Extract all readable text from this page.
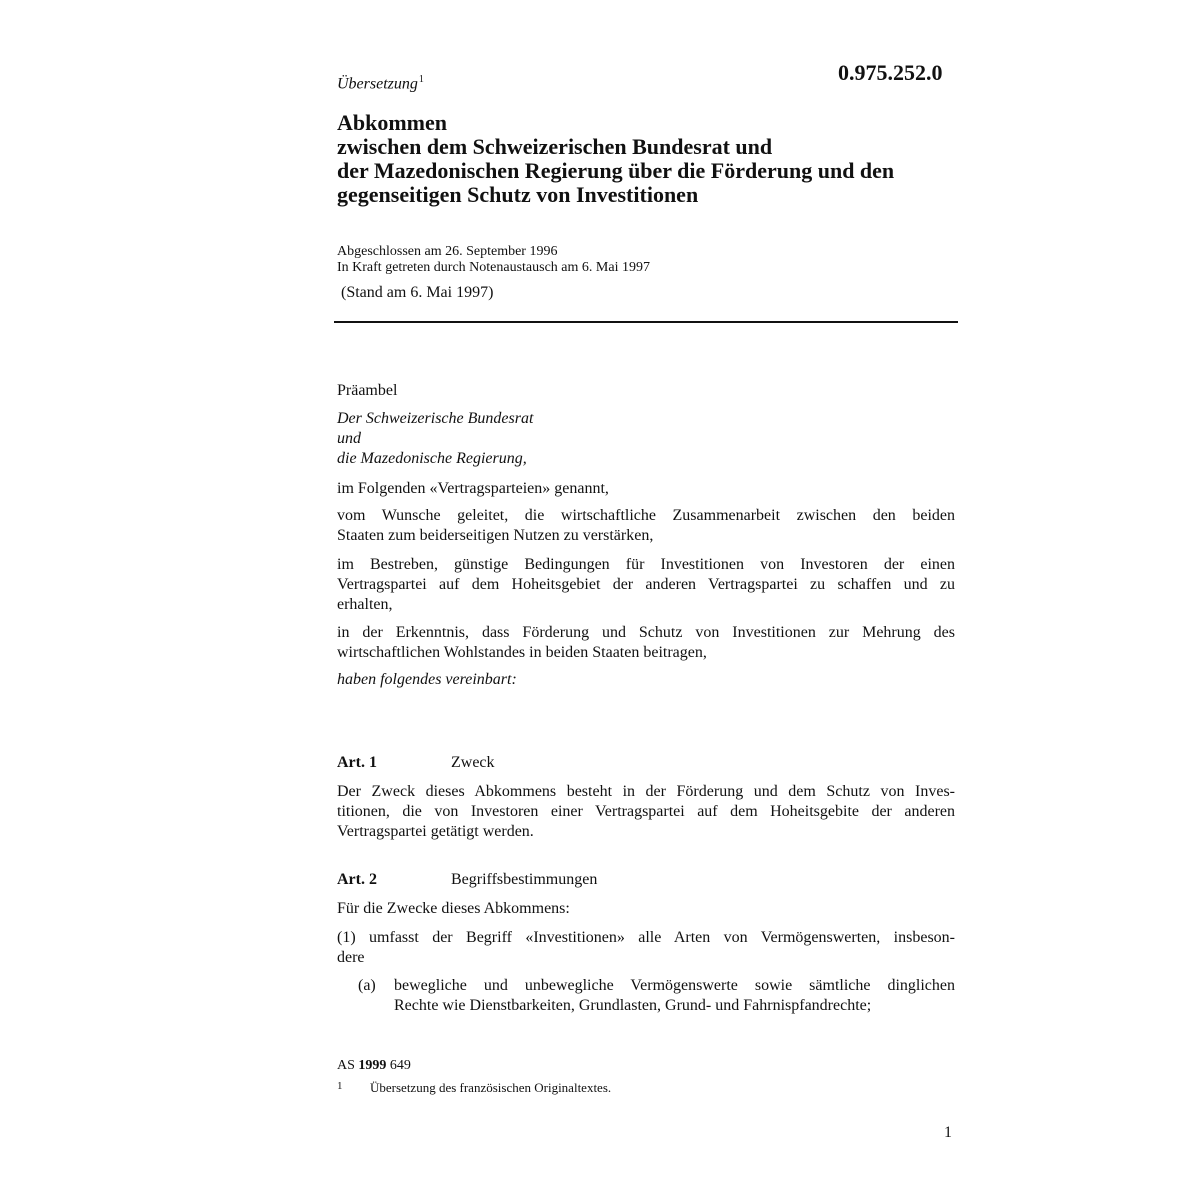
Übersetzung$^1$	0.975.252.0
Abkommen
zwischen dem Schweizerischen Bundesrat und
der Mazedonischen Regierung über die Förderung und den
gegenseitigen Schutz von Investitionen
Abgeschlossen am 26. September 1996
In Kraft getreten durch Notenaustausch am 6. Mai 1997
(Stand am 6. Mai 1997)
Präambel
Der Schweizerische Bundesrat
und
die Mazedonische Regierung,
im Folgenden «Vertragsparteien» genannt,
vom Wunsche geleitet, die wirtschaftliche Zusammenarbeit zwischen den beiden
Staaten zum beiderseitigen Nutzen zu verstärken,
im Bestreben, günstige Bedingungen für Investitionen von Investoren der einen
Vertragspartei auf dem Hoheitsgebiet der anderen Vertragspartei zu schaffen und zu
erhalten,
in der Erkenntnis, dass Förderung und Schutz von Investitionen zur Mehrung des
wirtschaftlichen Wohlstandes in beiden Staaten beitragen,
haben folgendes vereinbart:
Art. 1	Zweck
Der Zweck dieses Abkommens besteht in der Förderung und dem Schutz von Inves-
titionen, die von Investoren einer Vertragspartei auf dem Hoheitsgebite der anderen
Vertragspartei getätigt werden.
Art. 2	Begriffsbestimmungen
Für die Zwecke dieses Abkommens:
(1) umfasst der Begriff «Investitionen» alle Arten von Vermögenswerten, insbeson-
dere
(a) bewegliche und unbewegliche Vermögenswerte sowie sämtliche dinglichen
Rechte wie Dienstbarkeiten, Grundlasten, Grund- und Fahrnispfandrechte;
AS 1999 649
1 Übersetzung des französischen Originaltextes.
1
